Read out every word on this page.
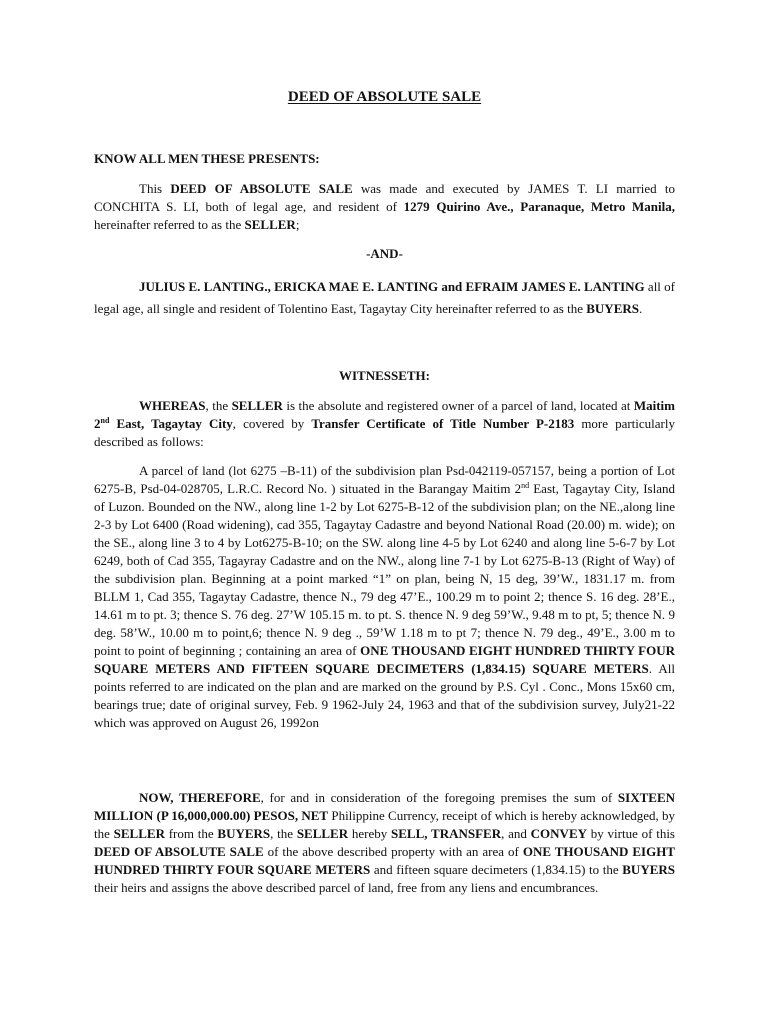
DEED OF ABSOLUTE SALE
KNOW ALL MEN THESE PRESENTS:
This DEED OF ABSOLUTE SALE was made and executed by JAMES T. LI married to CONCHITA S. LI, both of legal age, and resident of 1279 Quirino Ave., Paranaque, Metro Manila, hereinafter referred to as the SELLER;
-AND-
JULIUS E. LANTING., ERICKA MAE E. LANTING and EFRAIM JAMES E. LANTING all of legal age, all single and resident of Tolentino East, Tagaytay City hereinafter referred to as the BUYERS.
WITNESSETH:
WHEREAS, the SELLER is the absolute and registered owner of a parcel of land, located at Maitim 2nd East, Tagaytay City, covered by Transfer Certificate of Title Number P-2183 more particularly described as follows:
A parcel of land (lot 6275 –B-11) of the subdivision plan Psd-042119-057157, being a portion of Lot 6275-B, Psd-04-028705, L.R.C. Record No. ) situated in the Barangay Maitim 2nd East, Tagaytay City, Island of Luzon. Bounded on the NW., along line 1-2 by Lot 6275-B-12 of the subdivision plan; on the NE.,along line 2-3 by Lot 6400 (Road widening), cad 355, Tagaytay Cadastre and beyond National Road (20.00) m. wide); on the SE., along line 3 to 4 by Lot6275-B-10; on the SW. along line 4-5 by Lot 6240 and along line 5-6-7 by Lot 6249, both of Cad 355, Tagayray Cadastre and on the NW., along line 7-1 by Lot 6275-B-13 (Right of Way) of the subdivision plan. Beginning at a point marked “1” on plan, being N, 15 deg, 39’W., 1831.17 m. from BLLM 1, Cad 355, Tagaytay Cadastre, thence N., 79 deg 47’E., 100.29 m to point 2; thence S. 16 deg. 28’E., 14.61 m to pt. 3; thence S. 76 deg. 27’W 105.15 m. to pt. S. thence N. 9 deg 59’W., 9.48 m to pt, 5; thence N. 9 deg. 58’W., 10.00 m to point,6; thence N. 9 deg ., 59’W 1.18 m to pt 7; thence N. 79 deg., 49’E., 3.00 m to point to point of beginning ; containing an area of ONE THOUSAND EIGHT HUNDRED THIRTY FOUR SQUARE METERS AND FIFTEEN SQUARE DECIMETERS (1,834.15) SQUARE METERS. All points referred to are indicated on the plan and are marked on the ground by P.S. Cyl . Conc., Mons 15x60 cm, bearings true; date of original survey, Feb. 9 1962-July 24, 1963 and that of the subdivision survey, July21-22 which was approved on August 26, 1992on
NOW, THEREFORE, for and in consideration of the foregoing premises the sum of SIXTEEN MILLION (P 16,000,000.00) PESOS, NET Philippine Currency, receipt of which is hereby acknowledged, by the SELLER from the BUYERS, the SELLER hereby SELL, TRANSFER, and CONVEY by virtue of this DEED OF ABSOLUTE SALE of the above described property with an area of ONE THOUSAND EIGHT HUNDRED THIRTY FOUR SQUARE METERS and fifteen square decimeters (1,834.15) to the BUYERS their heirs and assigns the above described parcel of land, free from any liens and encumbrances.
